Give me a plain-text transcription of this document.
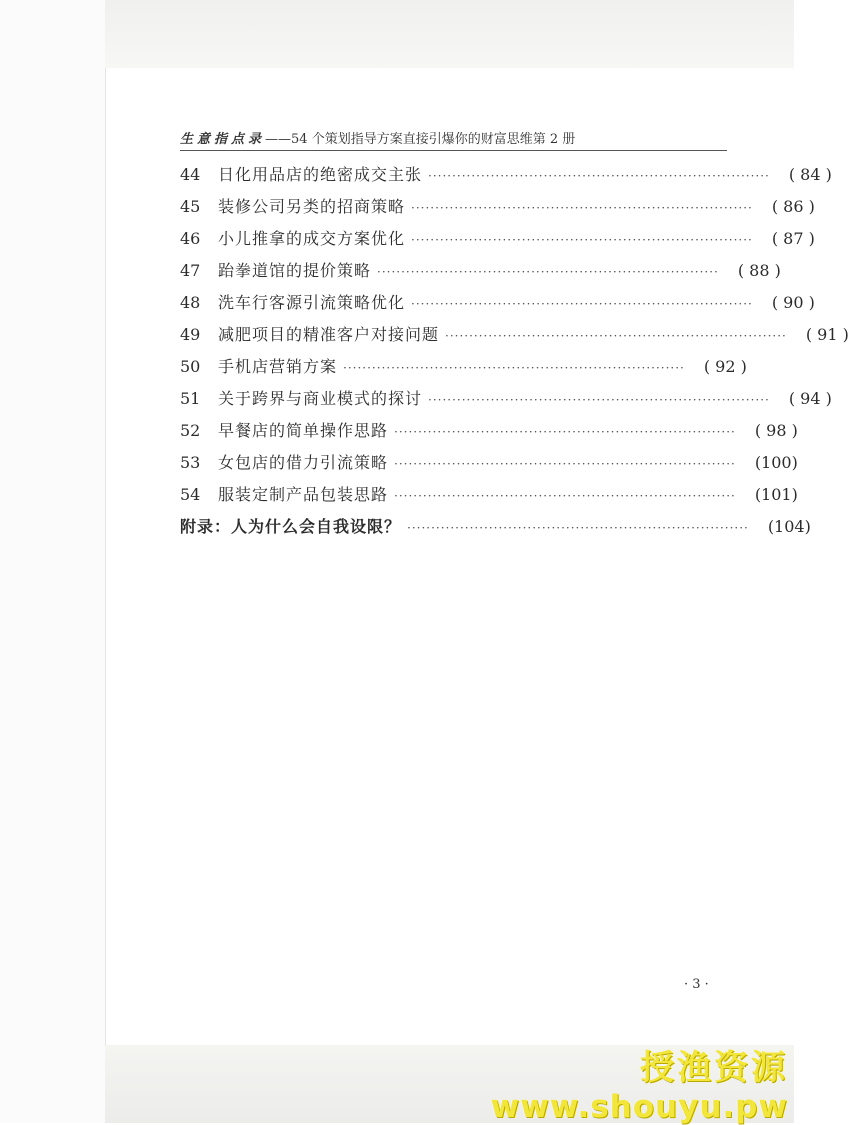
生意指点录——54 个策划指导方案直接引爆你的财富思维第 2 册
44	日化用品店的绝密成交主张 ·······································································	( 84 )
45	装修公司另类的招商策略 ·······································································	( 86 )
46	小儿推拿的成交方案优化 ·······································································	( 87 )
47	跆拳道馆的提价策略 ·······································································	( 88 )
48	洗车行客源引流策略优化 ·······································································	( 90 )
49	减肥项目的精准客户对接问题 ·······································································	( 91 )
50	手机店营销方案 ·······································································	( 92 )
51	关于跨界与商业模式的探讨 ·······································································	( 94 )
52	早餐店的简单操作思路 ·······································································	( 98 )
53	女包店的借力引流策略 ·······································································	(100)
54	服装定制产品包装思路 ·······································································	(101)
附录：人为什么会自我设限？ ·······································································	(104)
· 3 ·
授渔资源
www.shouyu.pw
